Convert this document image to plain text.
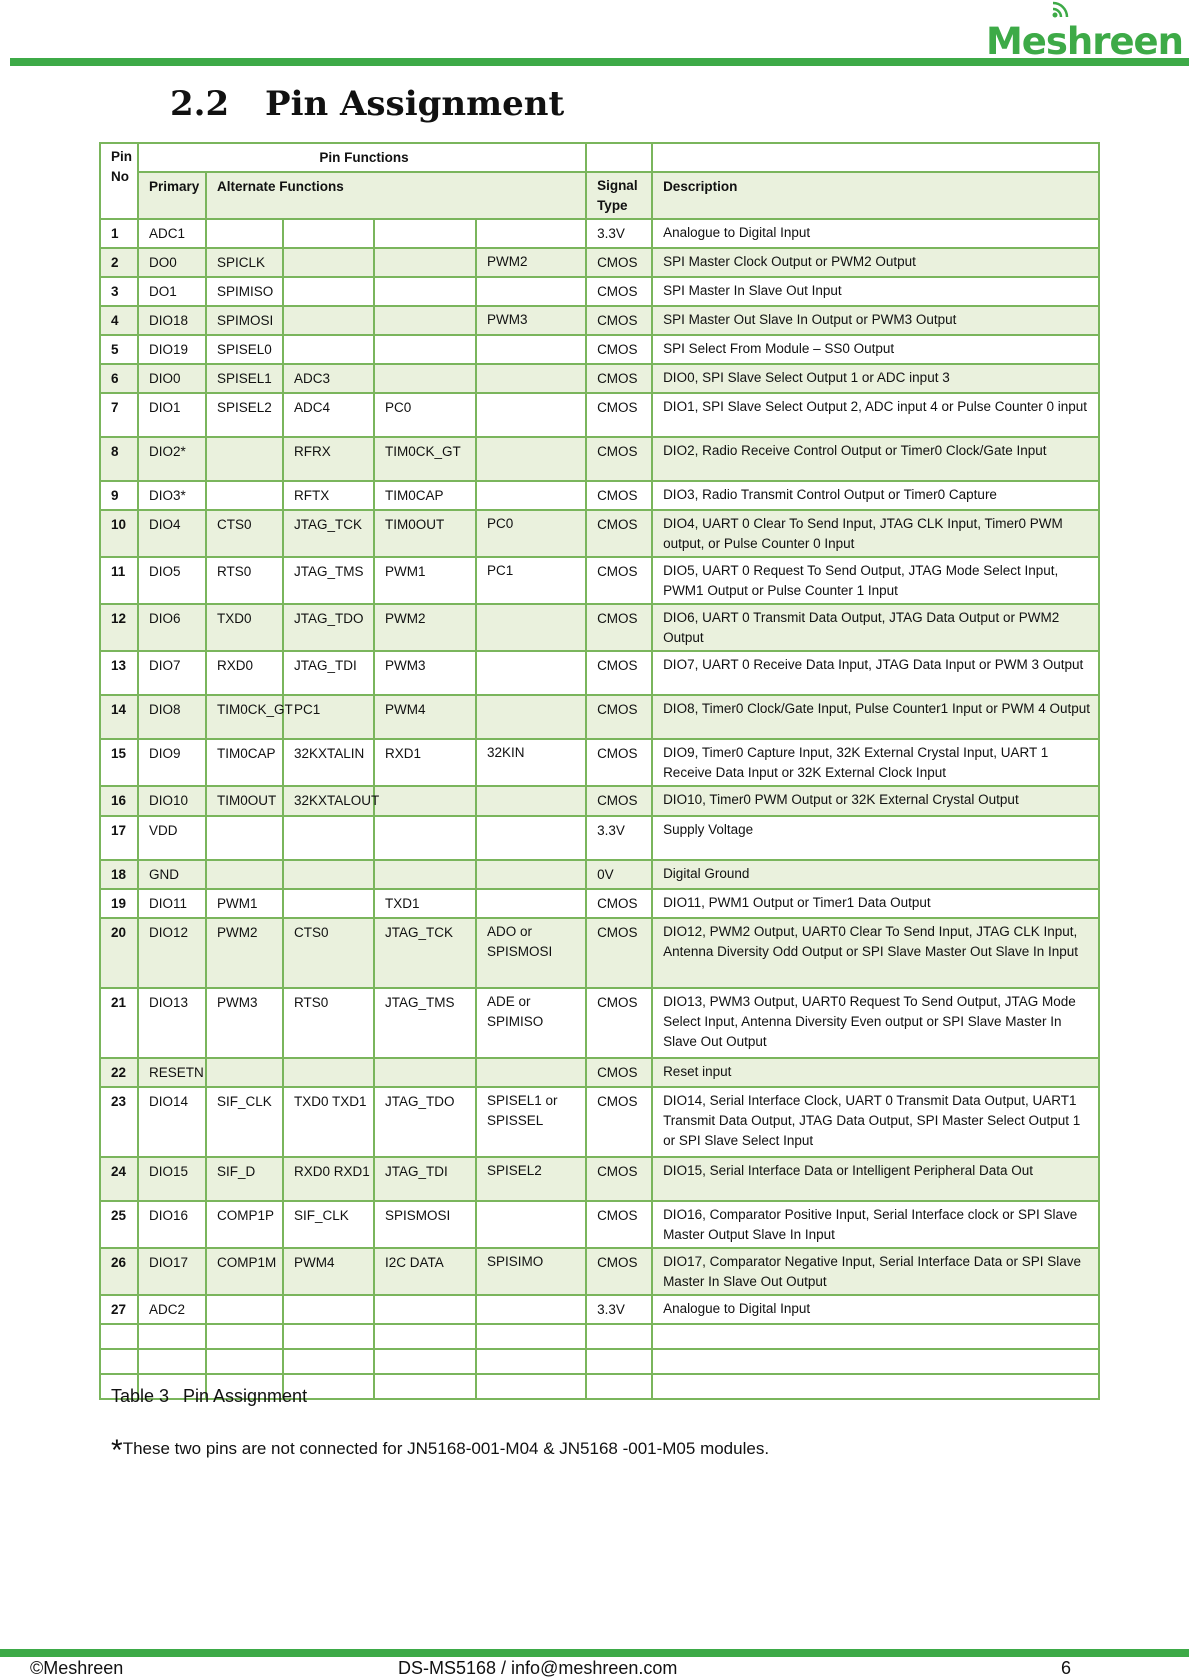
Meshreen
2.2 Pin Assignment
Pin No	Pin Functions						
	Primary	Alternate Functions				Signal Type	Description
1	ADC1					3.3V	Analogue to Digital Input
2	DO0	SPICLK			PWM2	CMOS	SPI Master Clock Output or PWM2 Output
3	DO1	SPIMISO				CMOS	SPI Master In Slave Out Input
4	DIO18	SPIMOSI			PWM3	CMOS	SPI Master Out Slave In Output or PWM3 Output
5	DIO19	SPISEL0				CMOS	SPI Select From Module – SS0 Output
6	DIO0	SPISEL1	ADC3			CMOS	DIO0, SPI Slave Select Output 1 or ADC input 3
7	DIO1	SPISEL2	ADC4	PC0		CMOS	DIO1, SPI Slave Select Output 2, ADC input 4 or Pulse Counter 0 input
8	DIO2*		RFRX	TIM0CK_GT		CMOS	DIO2, Radio Receive Control Output or Timer0 Clock/Gate Input
9	DIO3*		RFTX	TIM0CAP		CMOS	DIO3, Radio Transmit Control Output or Timer0 Capture
10	DIO4	CTS0	JTAG_TCK	TIM0OUT	PC0	CMOS	DIO4, UART 0 Clear To Send Input, JTAG CLK Input, Timer0 PWM output, or Pulse Counter 0 Input
11	DIO5	RTS0	JTAG_TMS	PWM1	PC1	CMOS	DIO5, UART 0 Request To Send Output, JTAG Mode Select Input, PWM1 Output or Pulse Counter 1 Input
12	DIO6	TXD0	JTAG_TDO	PWM2		CMOS	DIO6, UART 0 Transmit Data Output, JTAG Data Output or PWM2 Output
13	DIO7	RXD0	JTAG_TDI	PWM3		CMOS	DIO7, UART 0 Receive Data Input, JTAG Data Input or PWM 3 Output
14	DIO8	TIM0CK_GT	PC1	PWM4		CMOS	DIO8, Timer0 Clock/Gate Input, Pulse Counter1 Input or PWM 4 Output
15	DIO9	TIM0CAP	32KXTALIN	RXD1	32KIN	CMOS	DIO9, Timer0 Capture Input, 32K External Crystal Input, UART 1 Receive Data Input or 32K External Clock Input
16	DIO10	TIM0OUT	32KXTALOUT			CMOS	DIO10, Timer0 PWM Output or 32K External Crystal Output
17	VDD					3.3V	Supply Voltage
18	GND					0V	Digital Ground
19	DIO11	PWM1		TXD1		CMOS	DIO11, PWM1 Output or Timer1 Data Output
20	DIO12	PWM2	CTS0	JTAG_TCK	ADO or SPISMOSI	CMOS	DIO12, PWM2 Output, UART0 Clear To Send Input, JTAG CLK Input, Antenna Diversity Odd Output or SPI Slave Master Out Slave In Input
21	DIO13	PWM3	RTS0	JTAG_TMS	ADE or SPIMISO	CMOS	DIO13, PWM3 Output, UART0 Request To Send Output, JTAG Mode Select Input, Antenna Diversity Even output or SPI Slave Master In Slave Out Output
22	RESETN					CMOS	Reset input
23	DIO14	SIF_CLK	TXD0 TXD1	JTAG_TDO	SPISEL1 or SPISSEL	CMOS	DIO14, Serial Interface Clock, UART 0 Transmit Data Output, UART1 Transmit Data Output, JTAG Data Output, SPI Master Select Output 1 or SPI Slave Select Input
24	DIO15	SIF_D	RXD0 RXD1	JTAG_TDI	SPISEL2	CMOS	DIO15, Serial Interface Data or Intelligent Peripheral Data Out
25	DIO16	COMP1P	SIF_CLK	SPISMOSI		CMOS	DIO16, Comparator Positive Input, Serial Interface clock or SPI Slave Master Output Slave In Input
26	DIO17	COMP1M	PWM4	I2C DATA	SPISIMO	CMOS	DIO17, Comparator Negative Input, Serial Interface Data or SPI Slave Master In Slave Out Output
27	ADC2					3.3V	Analogue to Digital Input

Table 3 Pin Assignment
*These two pins are not connected for JN5168-001-M04 & JN5168 -001-M05 modules.
©Meshreen	DS-MS5168 / info@meshreen.com	6
